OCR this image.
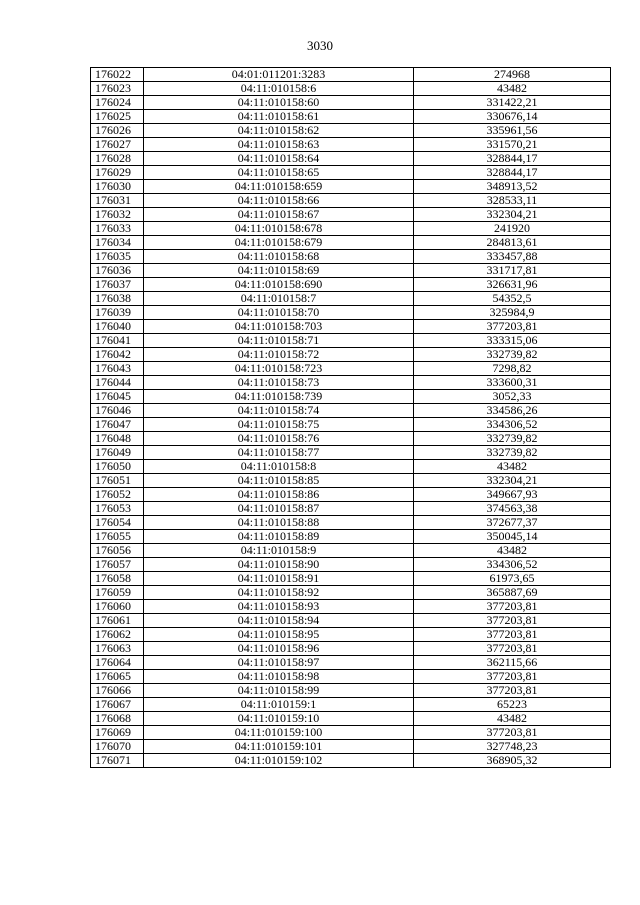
3030
176022	04:01:011201:3283	274968
176023	04:11:010158:6	43482
176024	04:11:010158:60	331422,21
176025	04:11:010158:61	330676,14
176026	04:11:010158:62	335961,56
176027	04:11:010158:63	331570,21
176028	04:11:010158:64	328844,17
176029	04:11:010158:65	328844,17
176030	04:11:010158:659	348913,52
176031	04:11:010158:66	328533,11
176032	04:11:010158:67	332304,21
176033	04:11:010158:678	241920
176034	04:11:010158:679	284813,61
176035	04:11:010158:68	333457,88
176036	04:11:010158:69	331717,81
176037	04:11:010158:690	326631,96
176038	04:11:010158:7	54352,5
176039	04:11:010158:70	325984,9
176040	04:11:010158:703	377203,81
176041	04:11:010158:71	333315,06
176042	04:11:010158:72	332739,82
176043	04:11:010158:723	7298,82
176044	04:11:010158:73	333600,31
176045	04:11:010158:739	3052,33
176046	04:11:010158:74	334586,26
176047	04:11:010158:75	334306,52
176048	04:11:010158:76	332739,82
176049	04:11:010158:77	332739,82
176050	04:11:010158:8	43482
176051	04:11:010158:85	332304,21
176052	04:11:010158:86	349667,93
176053	04:11:010158:87	374563,38
176054	04:11:010158:88	372677,37
176055	04:11:010158:89	350045,14
176056	04:11:010158:9	43482
176057	04:11:010158:90	334306,52
176058	04:11:010158:91	61973,65
176059	04:11:010158:92	365887,69
176060	04:11:010158:93	377203,81
176061	04:11:010158:94	377203,81
176062	04:11:010158:95	377203,81
176063	04:11:010158:96	377203,81
176064	04:11:010158:97	362115,66
176065	04:11:010158:98	377203,81
176066	04:11:010158:99	377203,81
176067	04:11:010159:1	65223
176068	04:11:010159:10	43482
176069	04:11:010159:100	377203,81
176070	04:11:010159:101	327748,23
176071	04:11:010159:102	368905,32
